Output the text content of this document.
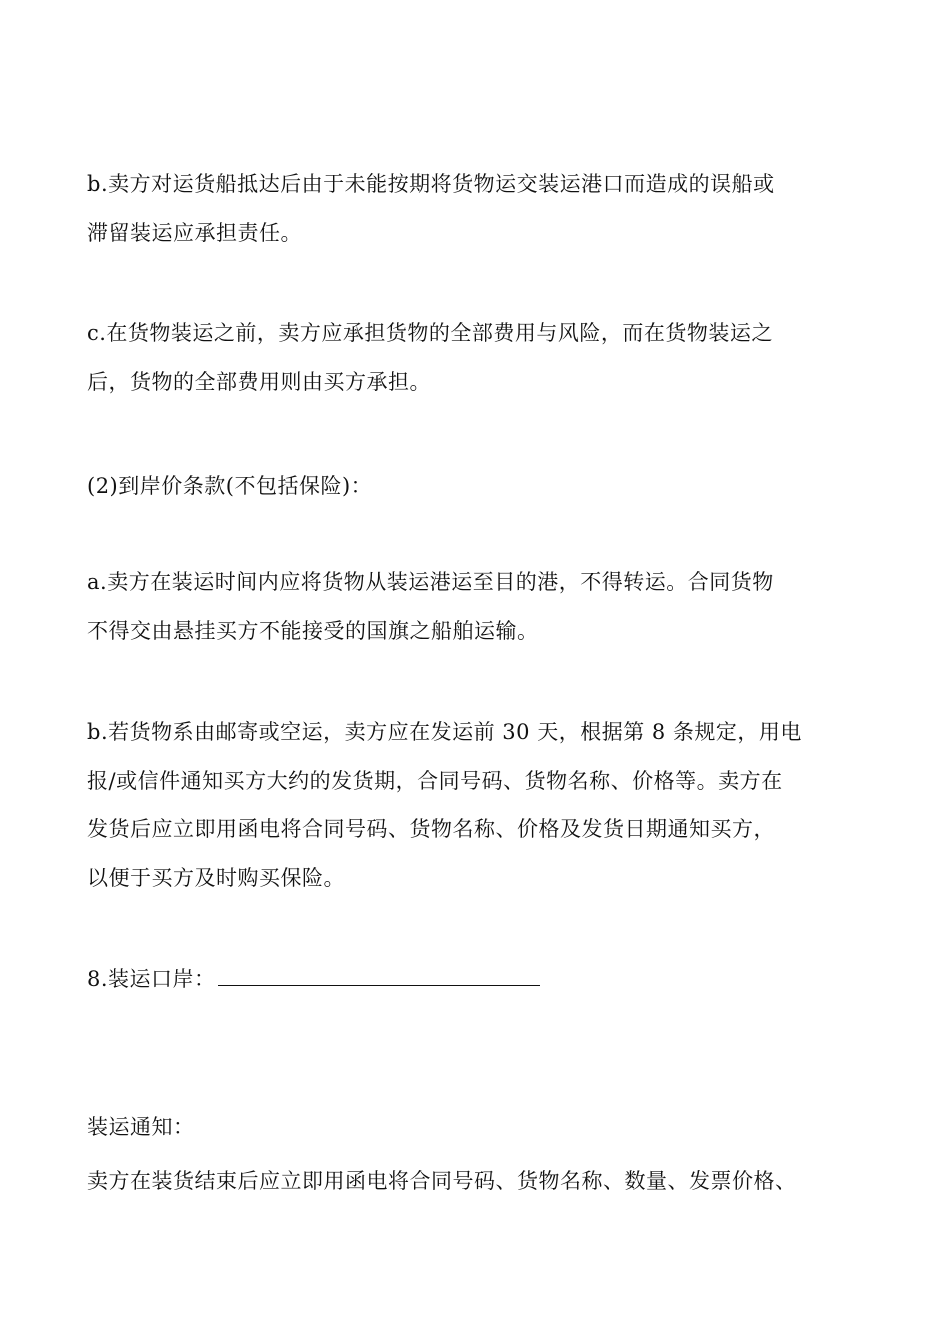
b.卖方对运货船抵达后由于未能按期将货物运交装运港口而造成的误船或
滞留装运应承担责任。

c.在货物装运之前，卖方应承担货物的全部费用与风险，而在货物装运之
后，货物的全部费用则由买方承担。

(2)到岸价条款(不包括保险)：

a.卖方在装运时间内应将货物从装运港运至目的港，不得转运。合同货物
不得交由悬挂买方不能接受的国旗之船舶运输。

b.若货物系由邮寄或空运，卖方应在发运前 30 天，根据第 8 条规定，用电
报/或信件通知买方大约的发货期，合同号码、货物名称、价格等。卖方在
发货后应立即用函电将合同号码、货物名称、价格及发货日期通知买方，
以便于买方及时购买保险。

8.装运口岸：

装运通知：

卖方在装货结束后应立即用函电将合同号码、货物名称、数量、发票价格、
